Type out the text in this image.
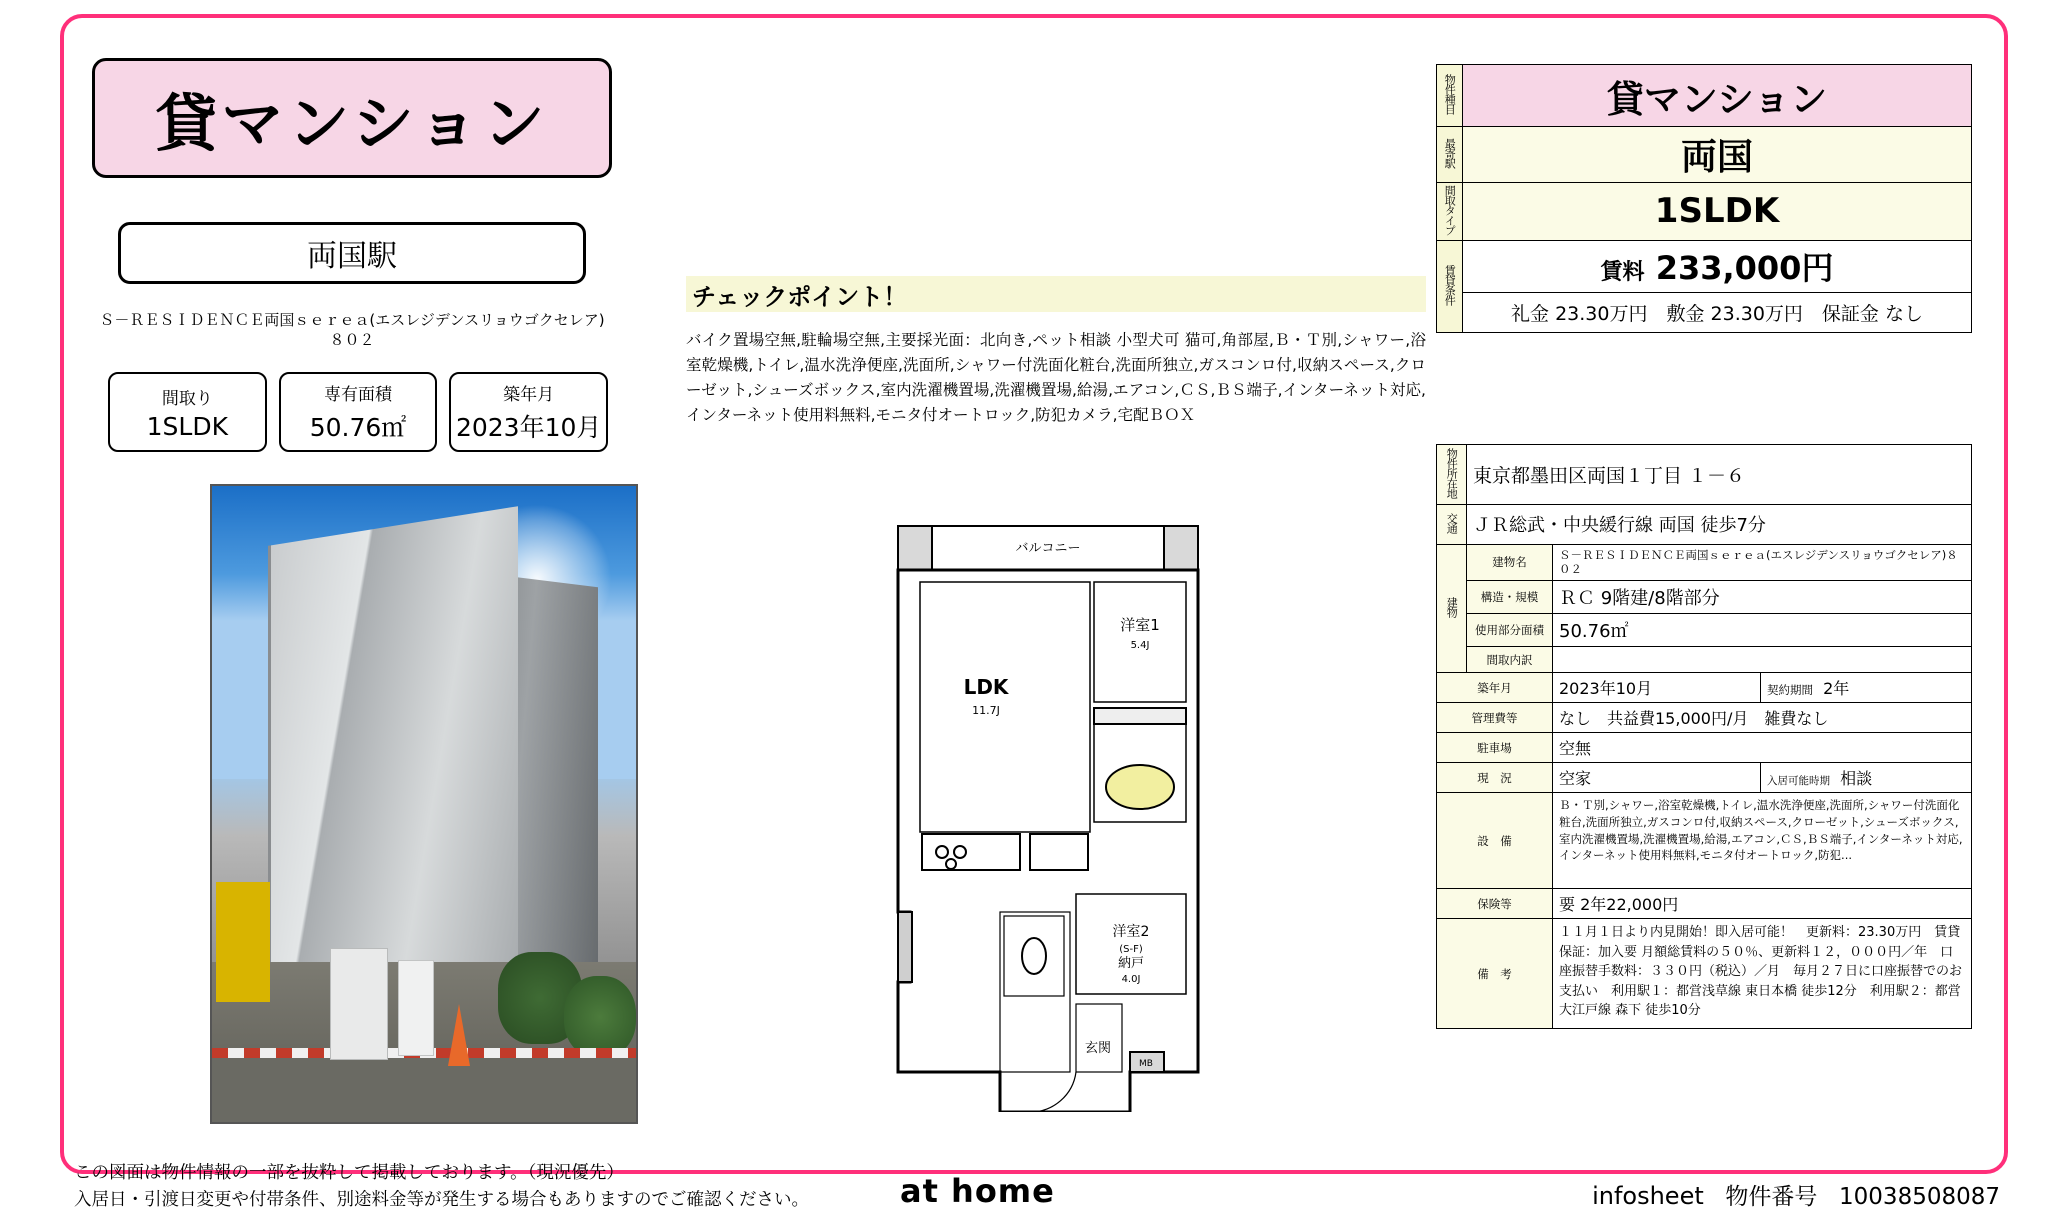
貸マンション
両国駅
Ｓ－ＲＥＳＩＤＥＮＣＥ両国ｓｅｒｅａ(エスレジデンスリョウゴクセレア)
８０２
間取り
1SLDK
専有面積
50.76㎡
築年月
2023年10月
チェックポイント！
バイク置場空無,駐輪場空無,主要採光面：北向き,ペット相談 小型犬可 猫可,角部屋,Ｂ・Ｔ別,シャワー,浴室乾燥機,トイレ,温水洗浄便座,洗面所,シャワー付洗面化粧台,洗面所独立,ガスコンロ付,収納スペース,クローゼット,シューズボックス,室内洗濯機置場,洗濯機置場,給湯,エアコン,ＣＳ,ＢＳ端子,インターネット対応,インターネット使用料無料,モニタ付オートロック,防犯カメラ,宅配ＢＯＸ
LDK
11.7J
洋室1
5.4J
洋室2
(S-F)
納戸
4.0J
バルコニー
玄関
MB
物件種目	貸マンション
最寄駅	両国
間取タイプ	1SLDK
賃貸条件	賃料 233,000円
	礼金 23.30万円　敷金 23.30万円　保証金 なし
物件所在地	東京都墨田区両国１丁目 １－６		
交通	ＪＲ総武・中央緩行線 両国 徒歩7分		
建物	建物名	Ｓ－ＲＥＳＩＤＥＮＣＥ両国ｓｅｒｅａ(エスレジデンスリョウゴクセレア)８０２	
	構造・規模	ＲＣ 9階建/8階部分	
	使用部分面積	50.76㎡	
	間取内訳		
築年月		2023年10月	契約期間 2年
管理費等		なし　共益費15,000円/月　雑費なし	
駐車場		空無	
現　況		空家	入居可能時期 相談
設　備		Ｂ・Ｔ別,シャワー,浴室乾燥機,トイレ,温水洗浄便座,洗面所,シャワー付洗面化粧台,洗面所独立,ガスコンロ付,収納スペース,クローゼット,シューズボックス,室内洗濯機置場,洗濯機置場,給湯,エアコン,ＣＳ,ＢＳ端子,インターネット対応,インターネット使用料無料,モニタ付オートロック,防犯...	
保険等		要 2年22,000円	
備　考		１１月１日より内見開始！即入居可能！　更新料：23.30万円　賃貸保証：加入要 月額総賃料の５０％、更新料１２，０００円／年　口座振替手数料：３３０円（税込）／月　毎月２７日に口座振替でのお支払い　利用駅１：都営浅草線 東日本橋 徒歩12分　利用駅２：都営大江戸線 森下 徒歩10分	
この図面は物件情報の一部を抜粋して掲載しております。（現況優先）
入居日・引渡日変更や付帯条件、別途料金等が発生する場合もありますのでご確認ください。	at home	infosheet 物件番号 10038508087
